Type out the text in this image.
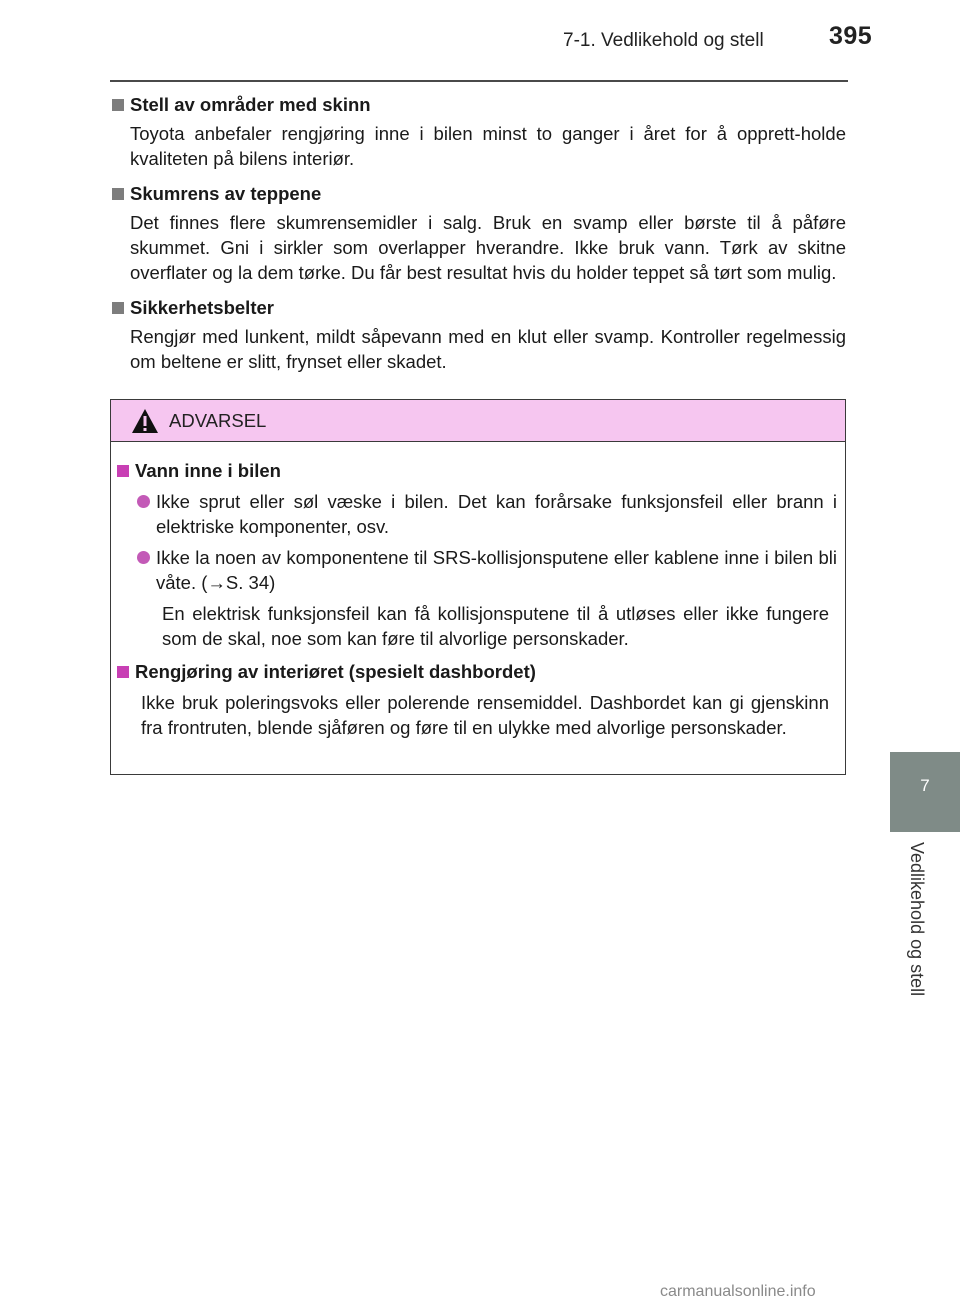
7-1. Vedlikehold og stell	395
Stell av områder med skinn
Toyota anbefaler rengjøring inne i bilen minst to ganger i året for å opprett-holde kvaliteten på bilens interiør.
Skumrens av teppene
Det finnes flere skumrensemidler i salg. Bruk en svamp eller børste til å påføre skummet. Gni i sirkler som overlapper hverandre. Ikke bruk vann. Tørk av skitne overflater og la dem tørke. Du får best resultat hvis du holder teppet så tørt som mulig.
Sikkerhetsbelter
Rengjør med lunkent, mildt såpevann med en klut eller svamp. Kontroller regelmessig om beltene er slitt, frynset eller skadet.
ADVARSEL
Vann inne i bilen
Ikke sprut eller søl væske i bilen. Det kan forårsake funksjonsfeil eller brann i elektriske komponenter, osv.
Ikke la noen av komponentene til SRS-kollisjonsputene eller kablene inne i bilen bli våte. (→S. 34)
En elektrisk funksjonsfeil kan få kollisjonsputene til å utløses eller ikke fungere som de skal, noe som kan føre til alvorlige personskader.
Rengjøring av interiøret (spesielt dashbordet)
Ikke bruk poleringsvoks eller polerende rensemiddel. Dashbordet kan gi gjenskinn fra frontruten, blende sjåføren og føre til en ulykke med alvorlige personskader.
7
Vedlikehold og stell
carmanualsonline.info
